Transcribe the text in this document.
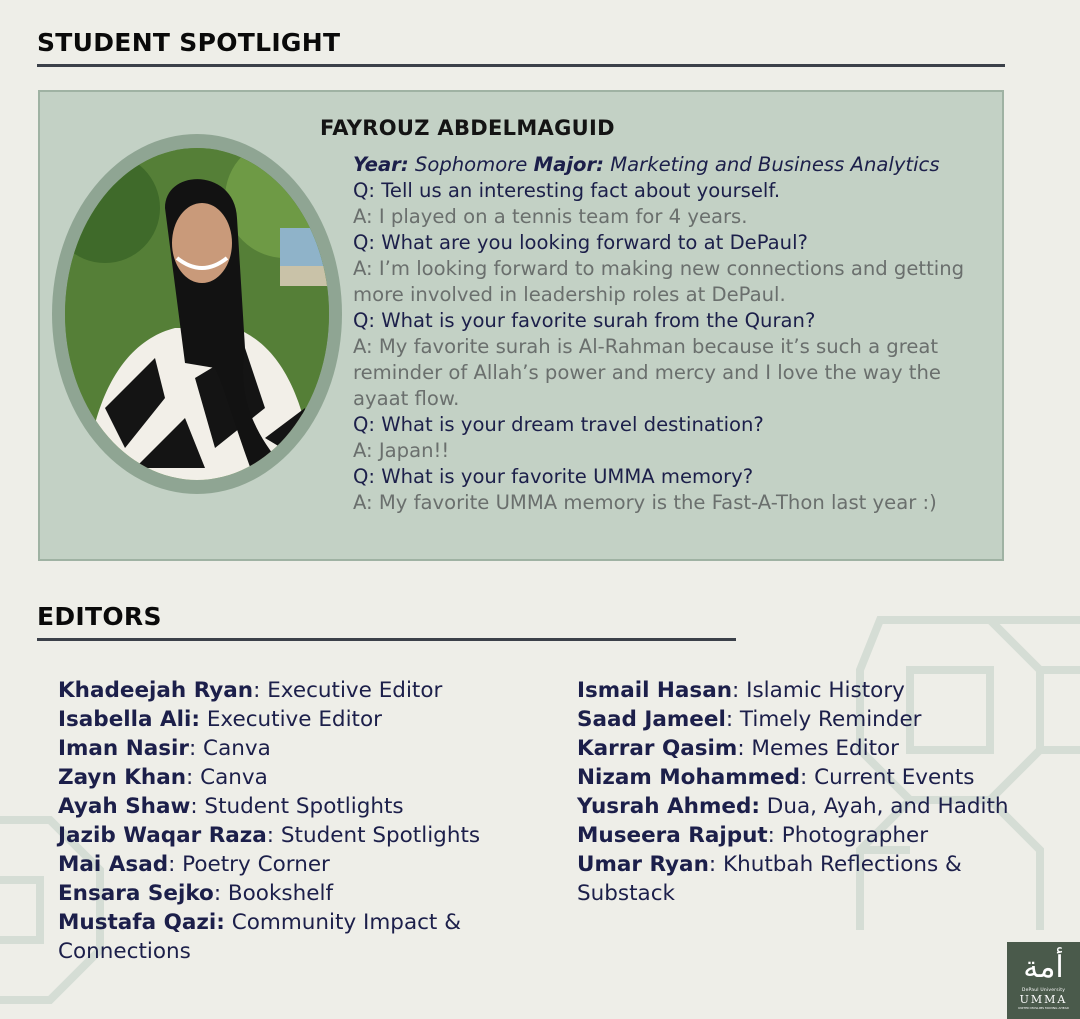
STUDENT SPOTLIGHT
FAYROUZ ABDELMAGUID

Year: Sophomore Major: Marketing and Business Analytics

Q: Tell us an interesting fact about yourself.

A: I played on a tennis team for 4 years.

Q: What are you looking forward to at DePaul?

A: I’m looking forward to making new connections and getting more involved in leadership roles at DePaul.

Q: What is your favorite surah from the Quran?

A: My favorite surah is Al-Rahman because it’s such a great reminder of Allah’s power and mercy and I love the way the ayaat flow.

Q: What is your dream travel destination?

A: Japan!!

Q: What is your favorite UMMA memory?

A: My favorite UMMA memory is the Fast-A-Thon last year :)

EDITORS
Khadeejah Ryan: Executive Editor
Isabella Ali: Executive Editor
Iman Nasir: Canva
Zayn Khan: Canva
Ayah Shaw: Student Spotlights
Jazib Waqar Raza: Student Spotlights
Mai Asad: Poetry Corner
Ensara Sejko: Bookshelf
Mustafa Qazi: Community Impact &
Connections
Ismail Hasan: Islamic History
Saad Jameel: Timely Reminder
Karrar Qasim: Memes Editor
Nizam Mohammed: Current Events
Yusrah Ahmed: Dua, Ayah, and Hadith
Museera Rajput: Photographer
Umar Ryan: Khutbah Reflections &
Substack
أمة
DePaul University
UMMA
UNITED MUSLIMS MOVING AHEAD
